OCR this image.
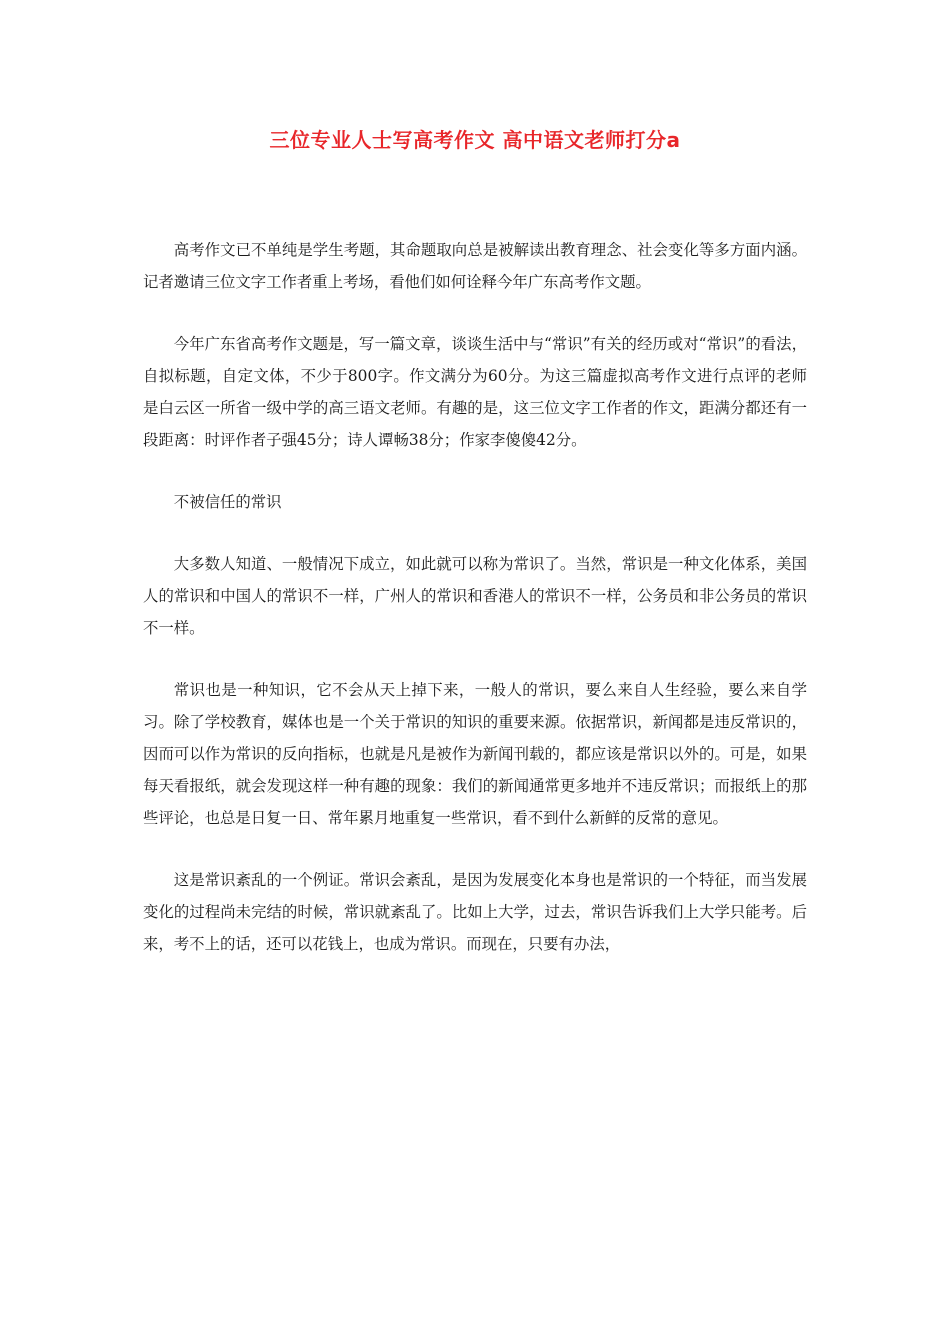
三位专业人士写高考作文 高中语文老师打分a

高考作文已不单纯是学生考题，其命题取向总是被解读出教育理念、社会变化等多方面内涵。记者邀请三位文字工作者重上考场，看他们如何诠释今年广东高考作文题。

今年广东省高考作文题是，写一篇文章，谈谈生活中与“常识”有关的经历或对“常识”的看法，自拟标题，自定文体，不少于800字。作文满分为60分。为这三篇虚拟高考作文进行点评的老师是白云区一所省一级中学的高三语文老师。有趣的是，这三位文字工作者的作文，距满分都还有一段距离：时评作者子强45分；诗人谭畅38分；作家李傻傻42分。

不被信任的常识

大多数人知道、一般情况下成立，如此就可以称为常识了。当然，常识是一种文化体系，美国人的常识和中国人的常识不一样，广州人的常识和香港人的常识不一样，公务员和非公务员的常识不一样。

常识也是一种知识，它不会从天上掉下来，一般人的常识，要么来自人生经验，要么来自学习。除了学校教育，媒体也是一个关于常识的知识的重要来源。依据常识，新闻都是违反常识的，因而可以作为常识的反向指标，也就是凡是被作为新闻刊载的，都应该是常识以外的。可是，如果每天看报纸，就会发现这样一种有趣的现象：我们的新闻通常更多地并不违反常识；而报纸上的那些评论，也总是日复一日、常年累月地重复一些常识，看不到什么新鲜的反常的意见。

这是常识紊乱的一个例证。常识会紊乱，是因为发展变化本身也是常识的一个特征，而当发展变化的过程尚未完结的时候，常识就紊乱了。比如上大学，过去，常识告诉我们上大学只能考。后来，考不上的话，还可以花钱上，也成为常识。而现在，只要有办法，
